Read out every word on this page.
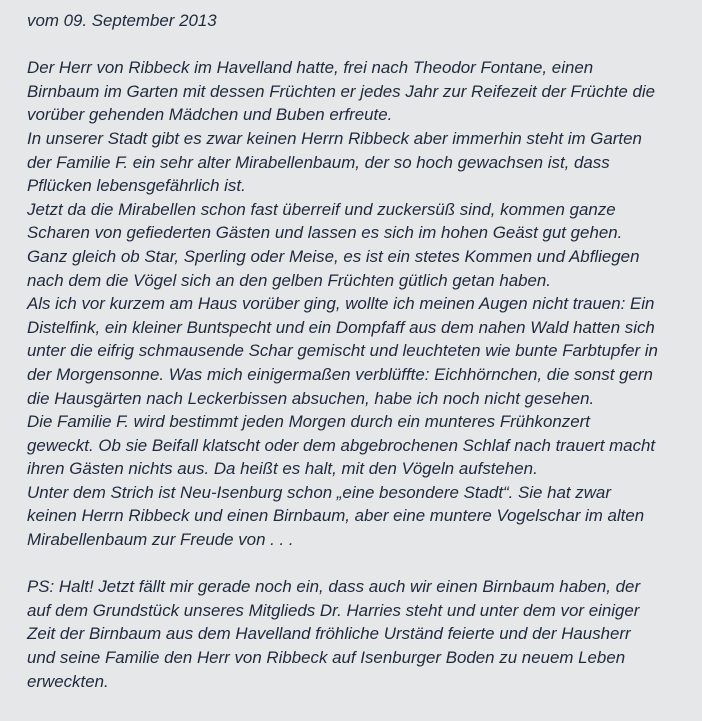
vom 09. September 2013
Der Herr von Ribbeck im Havelland hatte, frei nach Theodor Fontane, einen
Birnbaum im Garten mit dessen Früchten er jedes Jahr zur Reifezeit der Früchte die
vorüber gehenden Mädchen und Buben erfreute.
In unserer Stadt gibt es zwar keinen Herrn Ribbeck aber immerhin steht im Garten
der Familie F. ein sehr alter Mirabellenbaum, der so hoch gewachsen ist, dass
Pflücken lebensgefährlich ist.
Jetzt da die Mirabellen schon fast überreif und zuckersüß sind, kommen ganze
Scharen von gefiederten Gästen und lassen es sich im hohen Geäst gut gehen.
Ganz gleich ob Star, Sperling oder Meise, es ist ein stetes Kommen und Abfliegen
nach dem die Vögel sich an den gelben Früchten gütlich getan haben.
Als ich vor kurzem am Haus vorüber ging, wollte ich meinen Augen nicht trauen: Ein
Distelfink, ein kleiner Buntspecht und ein Dompfaff aus dem nahen Wald hatten sich
unter die eifrig schmausende Schar gemischt und leuchteten wie bunte Farbtupfer in
der Morgensonne. Was mich einigermaßen verblüffte: Eichhörnchen, die sonst gern
die Hausgärten nach Leckerbissen absuchen, habe ich noch nicht gesehen.
Die Familie F. wird bestimmt jeden Morgen durch ein munteres Frühkonzert
geweckt. Ob sie Beifall klatscht oder dem abgebrochenen Schlaf nach trauert macht
ihren Gästen nichts aus. Da heißt es halt, mit den Vögeln aufstehen.
Unter dem Strich ist Neu-Isenburg schon „eine besondere Stadt“. Sie hat zwar
keinen Herrn Ribbeck und einen Birnbaum, aber eine muntere Vogelschar im alten
Mirabellenbaum zur Freude von . . .
PS: Halt! Jetzt fällt mir gerade noch ein, dass auch wir einen Birnbaum haben, der
auf dem Grundstück unseres Mitglieds Dr. Harries steht und unter dem vor einiger
Zeit der Birnbaum aus dem Havelland fröhliche Urständ feierte und der Hausherr
und seine Familie den Herr von Ribbeck auf Isenburger Boden zu neuem Leben
erweckten.
